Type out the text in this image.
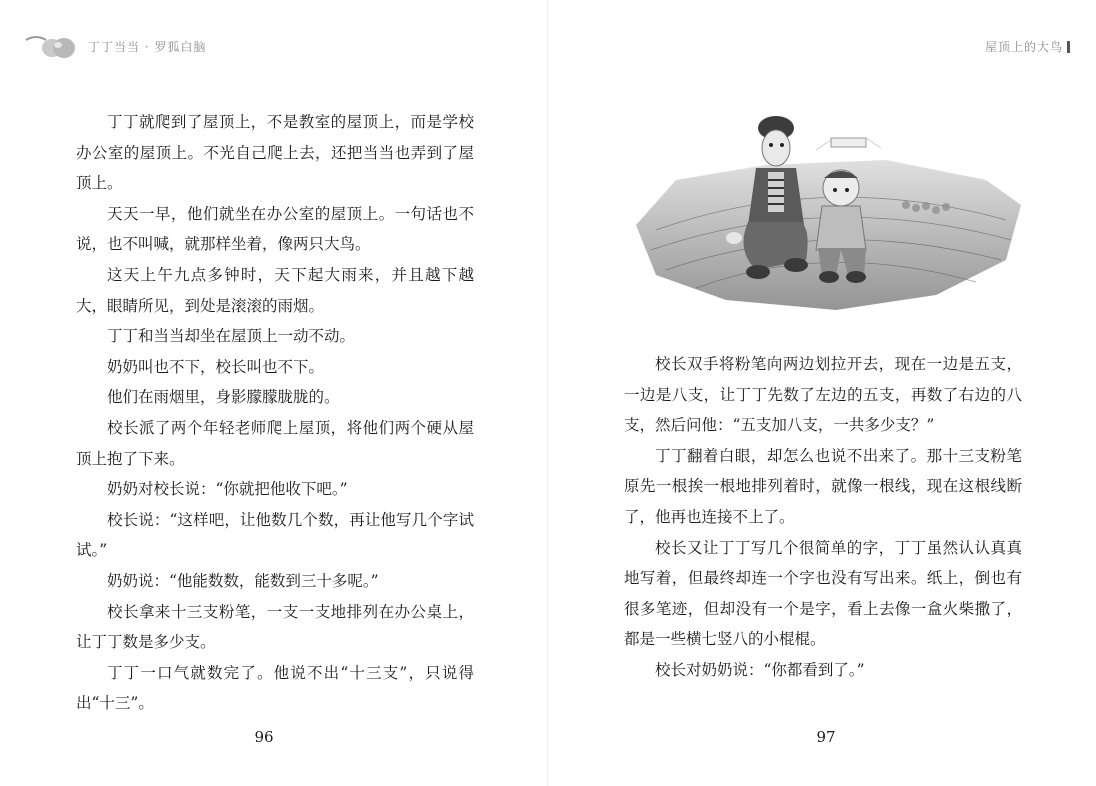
丁丁当当 · 罗狐白脑

丁丁就爬到了屋顶上，不是教室的屋顶上，而是学校办公室的屋顶上。不光自己爬上去，还把当当也弄到了屋顶上。

天天一早，他们就坐在办公室的屋顶上。一句话也不说，也不叫喊，就那样坐着，像两只大鸟。

这天上午九点多钟时，天下起大雨来，并且越下越大，眼睛所见，到处是滚滚的雨烟。

丁丁和当当却坐在屋顶上一动不动。

奶奶叫也不下，校长叫也不下。

他们在雨烟里，身影朦朦胧胧的。

校长派了两个年轻老师爬上屋顶，将他们两个硬从屋顶上抱了下来。

奶奶对校长说：“你就把他收下吧。”

校长说：“这样吧，让他数几个数，再让他写几个字试试。”

奶奶说：“他能数数，能数到三十多呢。”

校长拿来十三支粉笔，一支一支地排列在办公桌上，让丁丁数是多少支。

丁丁一口气就数完了。他说不出“十三支”，只说得出“十三”。

96
屋顶上的大鸟

校长双手将粉笔向两边划拉开去，现在一边是五支，一边是八支，让丁丁先数了左边的五支，再数了右边的八支，然后问他：“五支加八支，一共多少支？”

丁丁翻着白眼，却怎么也说不出来了。那十三支粉笔原先一根挨一根地排列着时，就像一根线，现在这根线断了，他再也连接不上了。

校长又让丁丁写几个很简单的字，丁丁虽然认认真真地写着，但最终却连一个字也没有写出来。纸上，倒也有很多笔迹，但却没有一个是字，看上去像一盒火柴撒了，都是一些横七竖八的小棍棍。

校长对奶奶说：“你都看到了。”

97
